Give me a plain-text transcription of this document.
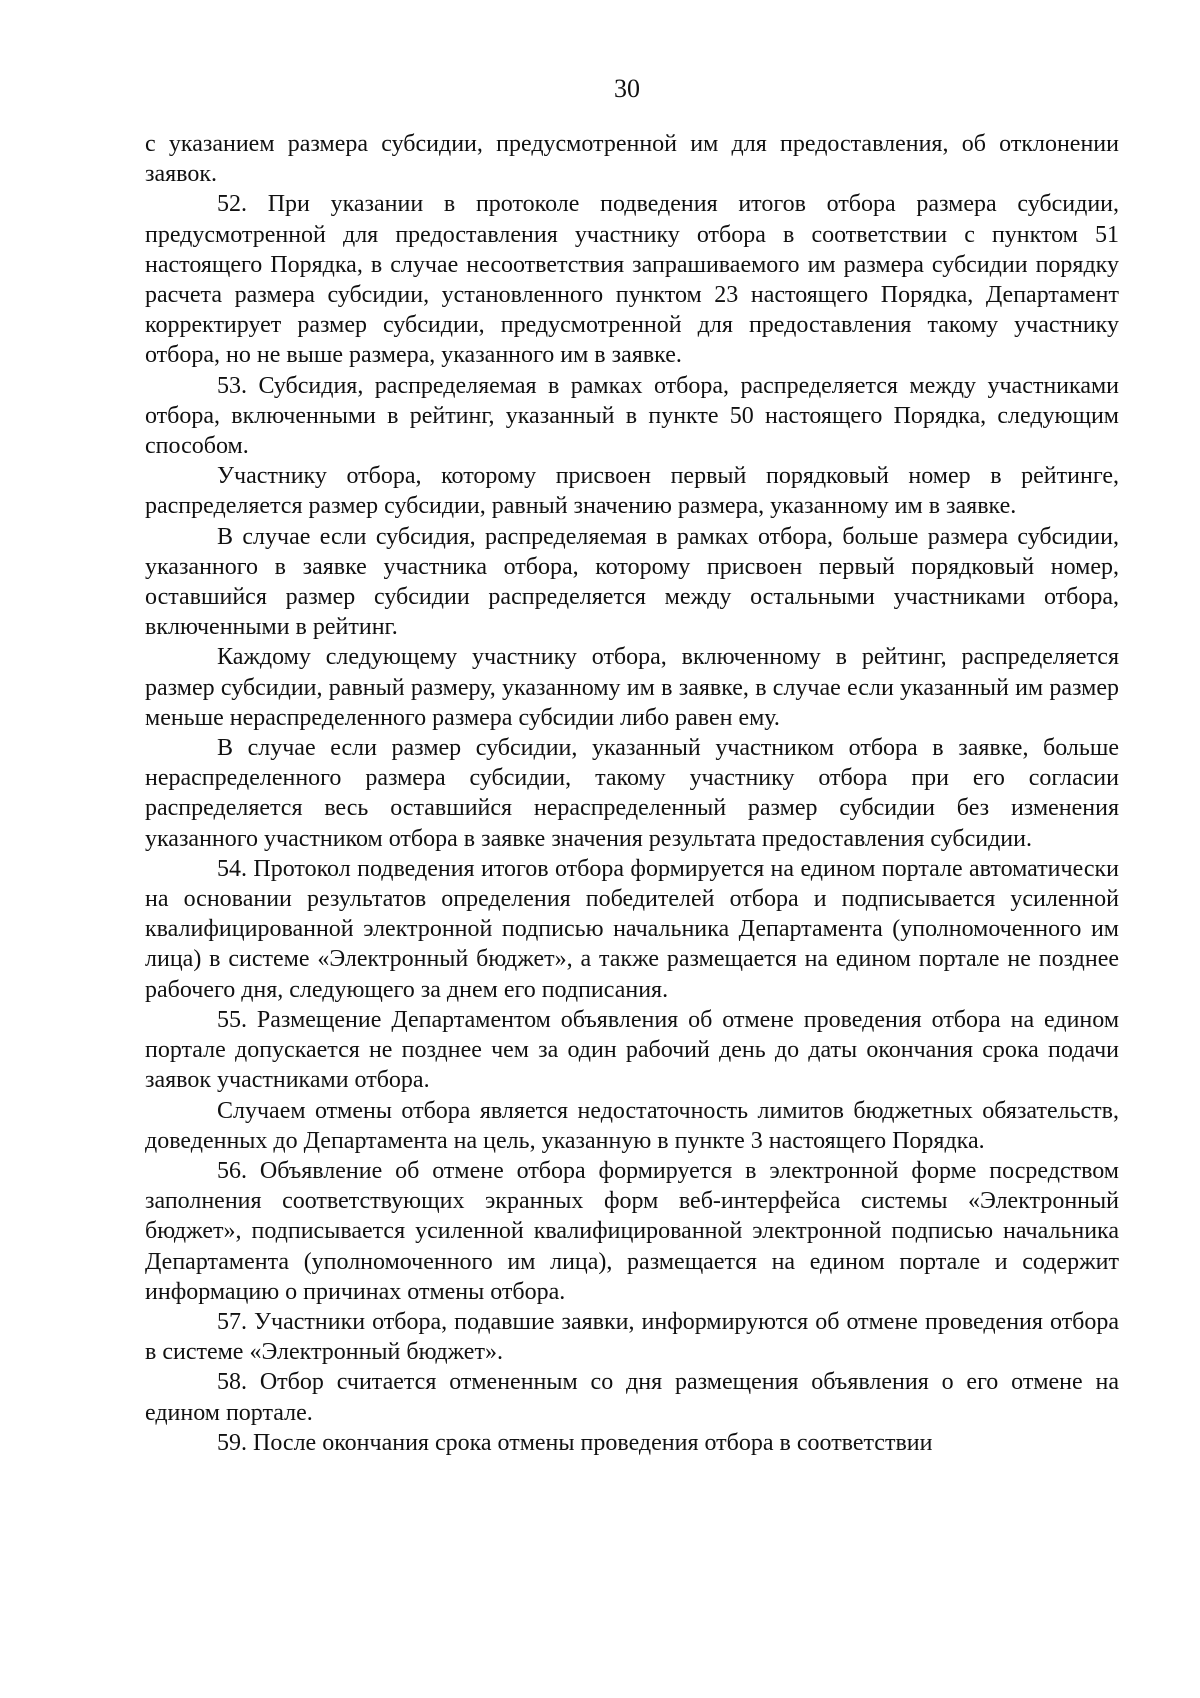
30

с указанием размера субсидии, предусмотренной им для предоставления, об отклонении заявок.

52. При указании в протоколе подведения итогов отбора размера субсидии, предусмотренной для предоставления участнику отбора в соответствии с пунктом 51 настоящего Порядка, в случае несоответствия запрашиваемого им размера субсидии порядку расчета размера субсидии, установленного пунктом 23 настоящего Порядка, Департамент корректирует размер субсидии, предусмотренной для предоставления такому участнику отбора, но не выше размера, указанного им в заявке.

53. Субсидия, распределяемая в рамках отбора, распределяется между участниками отбора, включенными в рейтинг, указанный в пункте 50 настоящего Порядка, следующим способом.

Участнику отбора, которому присвоен первый порядковый номер в рейтинге, распределяется размер субсидии, равный значению размера, указанному им в заявке.

В случае если субсидия, распределяемая в рамках отбора, больше размера субсидии, указанного в заявке участника отбора, которому присвоен первый порядковый номер, оставшийся размер субсидии распределяется между остальными участниками отбора, включенными в рейтинг.

Каждому следующему участнику отбора, включенному в рейтинг, распределяется размер субсидии, равный размеру, указанному им в заявке, в случае если указанный им размер меньше нераспределенного размера субсидии либо равен ему.

В случае если размер субсидии, указанный участником отбора в заявке, больше нераспределенного размера субсидии, такому участнику отбора при его согласии распределяется весь оставшийся нераспределенный размер субсидии без изменения указанного участником отбора в заявке значения результата предоставления субсидии.

54. Протокол подведения итогов отбора формируется на едином портале автоматически на основании результатов определения победителей отбора и подписывается усиленной квалифицированной электронной подписью начальника Департамента (уполномоченного им лица) в системе «Электронный бюджет», а также размещается на едином портале не позднее рабочего дня, следующего за днем его подписания.

55. Размещение Департаментом объявления об отмене проведения отбора на едином портале допускается не позднее чем за один рабочий день до даты окончания срока подачи заявок участниками отбора.

Случаем отмены отбора является недостаточность лимитов бюджетных обязательств, доведенных до Департамента на цель, указанную в пункте 3 настоящего Порядка.

56. Объявление об отмене отбора формируется в электронной форме посредством заполнения соответствующих экранных форм веб-интерфейса системы «Электронный бюджет», подписывается усиленной квалифицированной электронной подписью начальника Департамента (уполномоченного им лица), размещается на едином портале и содержит информацию о причинах отмены отбора.

57. Участники отбора, подавшие заявки, информируются об отмене проведения отбора в системе «Электронный бюджет».

58. Отбор считается отмененным со дня размещения объявления о его отмене на едином портале.

59. После окончания срока отмены проведения отбора в соответствии
